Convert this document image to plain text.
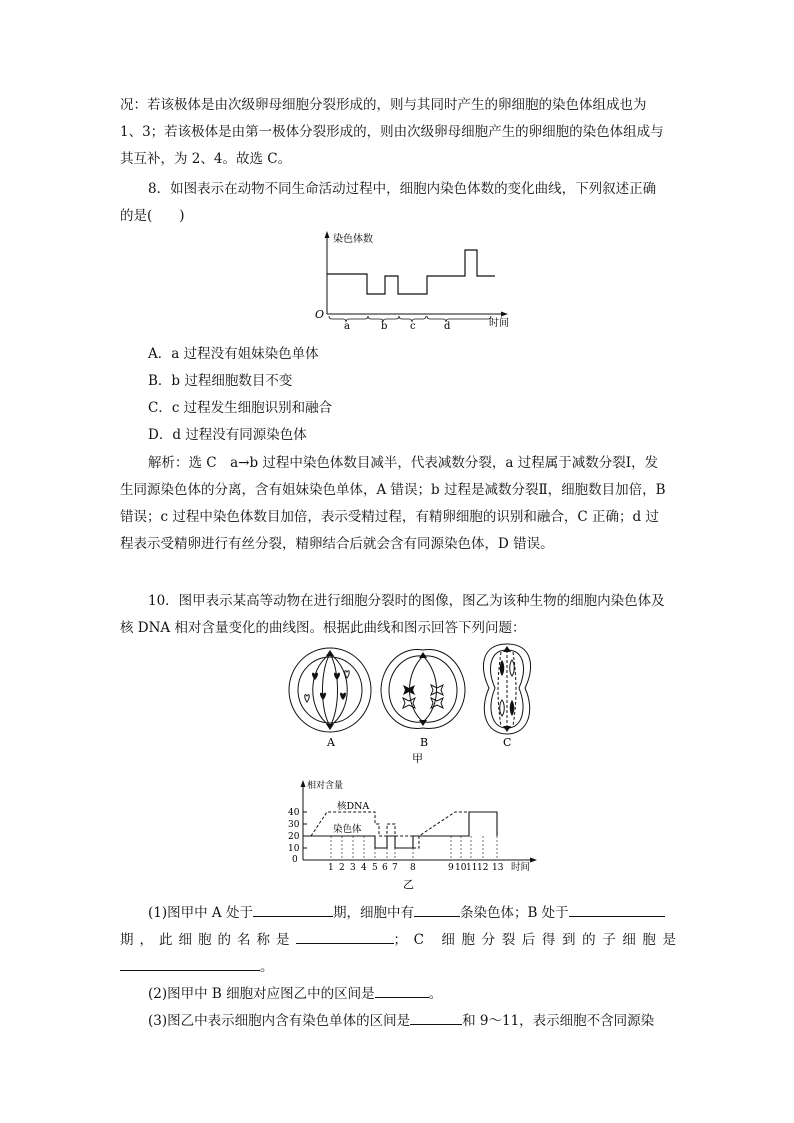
况：若该极体是由次级卵母细胞分裂形成的，则与其同时产生的卵细胞的染色体组成也为
1、3；若该极体是由第一极体分裂形成的，则由次级卵母细胞产生的卵细胞的染色体组成与
其互补，为 2、4。故选 C。
8．如图表示在动物不同生命活动过程中，细胞内染色体数的变化曲线，下列叙述正确
的是(　　)
染色体数
O
时间
a	b c	d
A．a 过程没有姐妹染色单体
B．b 过程细胞数目不变
C．c 过程发生细胞识别和融合
D．d 过程没有同源染色体
解析：选 C　a→b 过程中染色体数目减半，代表减数分裂，a 过程属于减数分裂Ⅰ，发
生同源染色体的分离，含有姐妹染色单体，A 错误；b 过程是减数分裂Ⅱ，细胞数目加倍，B
错误；c 过程中染色体数目加倍，表示受精过程，有精卵细胞的识别和融合，C 正确；d 过
程表示受精卵进行有丝分裂，精卵结合后就会含有同源染色体，D 错误。
10．图甲表示某高等动物在进行细胞分裂时的图像，图乙为该种生物的细胞内染色体及
核 DNA 相对含量变化的曲线图。根据此曲线和图示回答下列问题：
A	B	C
甲
相对含量
40
30
20
10
0
核DNA
染色体
1 2 3 4 5 6 7 8	9 10 11 12 13 时间
乙
(1)图甲中 A 处于	期，细胞中有	条染色体；B 处于
期，此细胞的名称是	；C 细胞分裂后得到的子细胞是
。
(2)图甲中 B 细胞对应图乙中的区间是	。
(3)图乙中表示细胞内含有染色单体的区间是	和 9～11，表示细胞不含同源染
